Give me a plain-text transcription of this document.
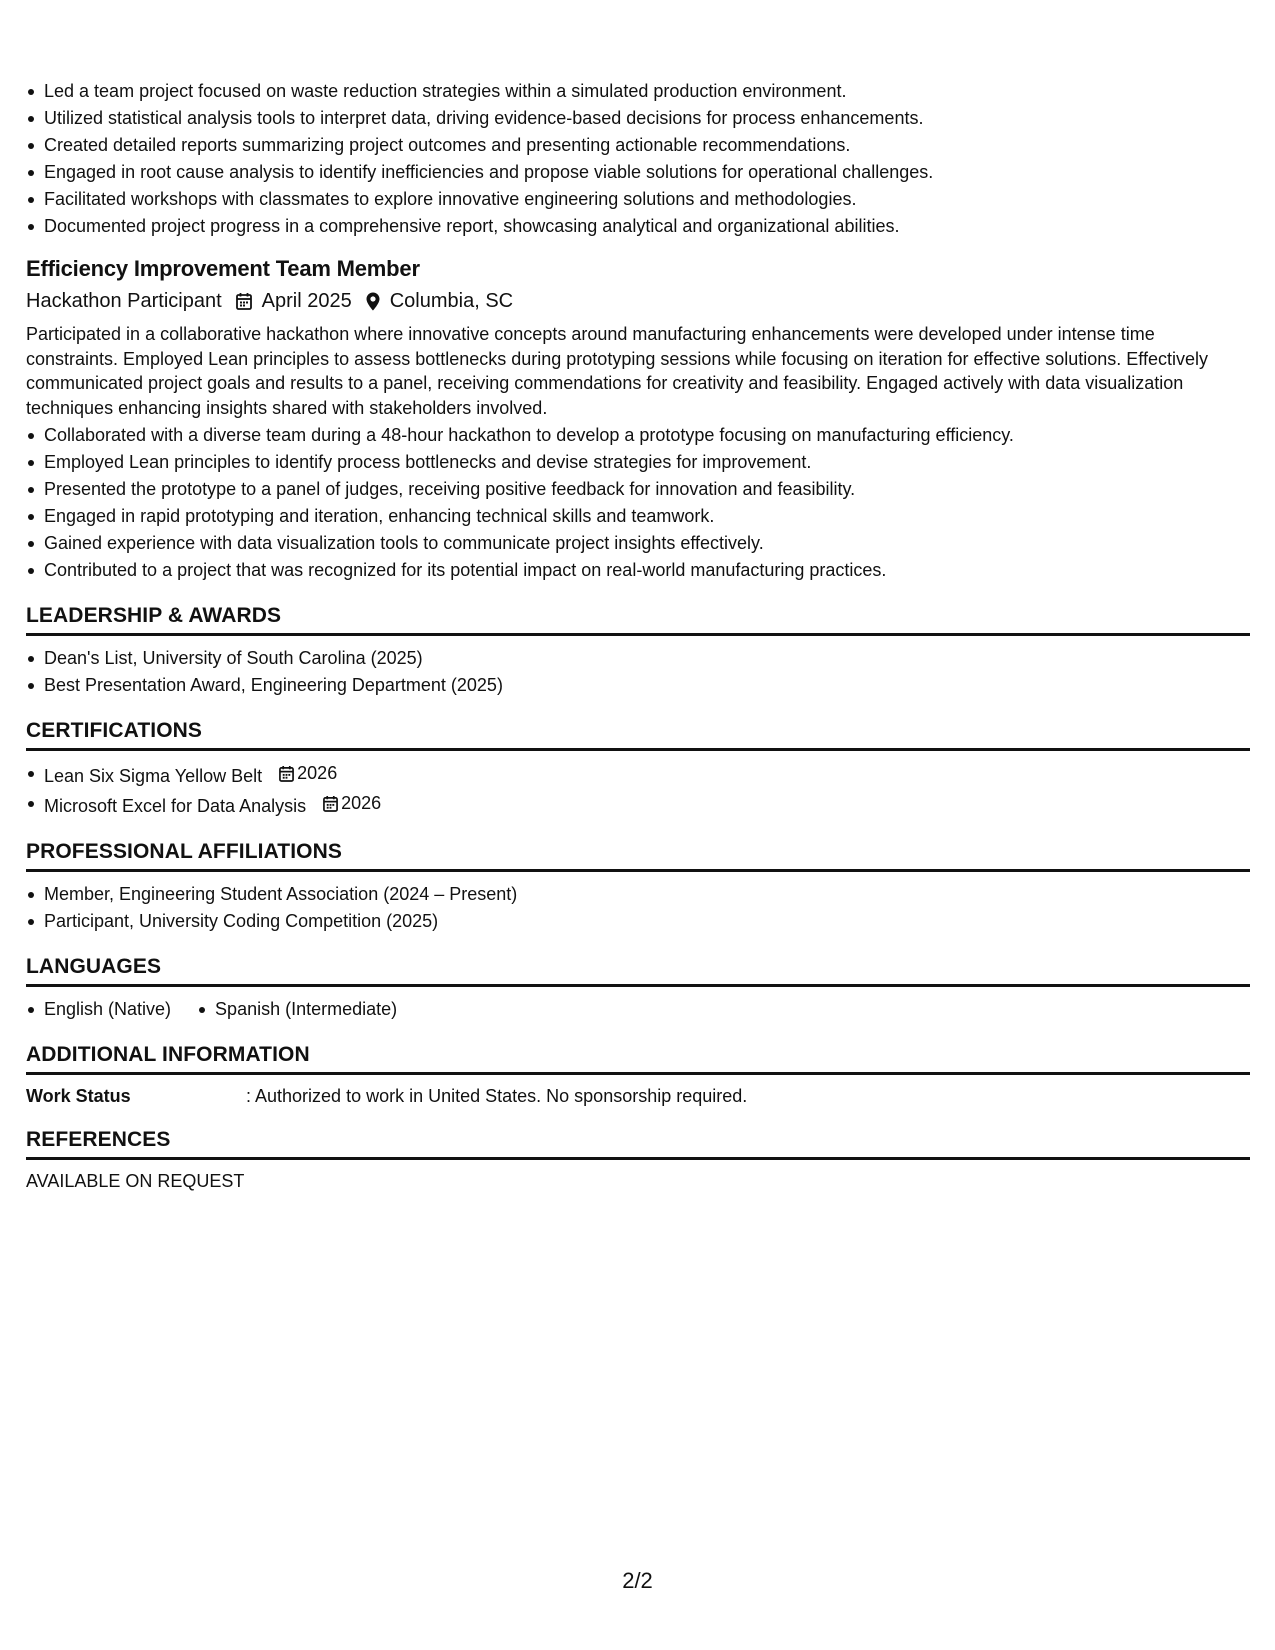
Led a team project focused on waste reduction strategies within a simulated production environment.
Utilized statistical analysis tools to interpret data, driving evidence-based decisions for process enhancements.
Created detailed reports summarizing project outcomes and presenting actionable recommendations.
Engaged in root cause analysis to identify inefficiencies and propose viable solutions for operational challenges.
Facilitated workshops with classmates to explore innovative engineering solutions and methodologies.
Documented project progress in a comprehensive report, showcasing analytical and organizational abilities.
Efficiency Improvement Team Member
Hackathon Participant April 2025 Columbia, SC
Participated in a collaborative hackathon where innovative concepts around manufacturing enhancements were developed under intense time constraints. Employed Lean principles to assess bottlenecks during prototyping sessions while focusing on iteration for effective solutions. Effectively communicated project goals and results to a panel, receiving commendations for creativity and feasibility. Engaged actively with data visualization techniques enhancing insights shared with stakeholders involved.
Collaborated with a diverse team during a 48-hour hackathon to develop a prototype focusing on manufacturing efficiency.
Employed Lean principles to identify process bottlenecks and devise strategies for improvement.
Presented the prototype to a panel of judges, receiving positive feedback for innovation and feasibility.
Engaged in rapid prototyping and iteration, enhancing technical skills and teamwork.
Gained experience with data visualization tools to communicate project insights effectively.
Contributed to a project that was recognized for its potential impact on real-world manufacturing practices.
LEADERSHIP & AWARDS
Dean's List, University of South Carolina (2025)
Best Presentation Award, Engineering Department (2025)
CERTIFICATIONS
Lean Six Sigma Yellow Belt 2026
Microsoft Excel for Data Analysis 2026
PROFESSIONAL AFFILIATIONS
Member, Engineering Student Association (2024 – Present)
Participant, University Coding Competition (2025)
LANGUAGES
English (Native)	Spanish (Intermediate)
ADDITIONAL INFORMATION
Work Status	: Authorized to work in United States. No sponsorship required.
REFERENCES
AVAILABLE ON REQUEST
2/2
